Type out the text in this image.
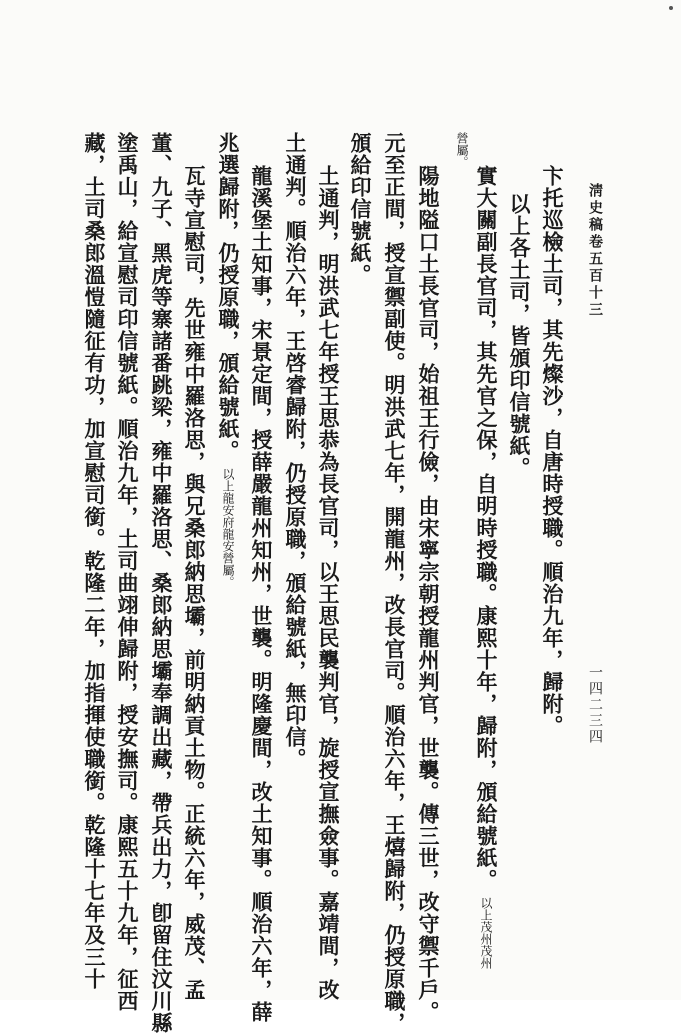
淸史稿卷五百十三
一四二三四
卞托巡檢土司，其先燦沙，自唐時授職。順治九年，歸附。
以上各土司，皆頒印信號紙。
實大關副長官司，其先官之保，自明時授職。康熙十年，歸附，頒給號紙。以上茂州茂州
營屬。
陽地隘口土長官司，始祖王行儉，由宋寧宗朝授龍州判官，世襲。傳三世，改守禦千戶。
元至正間，授宣禦副使。明洪武七年，開龍州，改長官司。順治六年，王熺歸附，仍授原職，
頒給印信號紙。
土通判，明洪武七年授王思恭為長官司，以王思民襲判官，旋授宣撫僉事。嘉靖間，改
土通判。順治六年，王啓睿歸附，仍授原職，頒給號紙，無印信。
龍溪堡土知事，宋景定間，授薛嚴龍州知州，世襲。明隆慶間，改土知事。順治六年，薛
兆選歸附，仍授原職，頒給號紙。以上龍安府龍安營屬。
瓦寺宣慰司，先世雍中羅洛思，與兄桑郎納思壩，前明納貢土物。正統六年，威茂、孟
董、九子、黑虎等寨諸番跳梁，雍中羅洛思、桑郎納思壩奉調出藏，帶兵出力，卽留住汶川縣
塗禹山，給宣慰司印信號紙。順治九年，土司曲翊伸歸附，授安撫司。康熙五十九年，征西
藏，土司桑郎溫愷隨征有功，加宣慰司銜。乾隆二年，加指揮使職銜。乾隆十七年及三十
